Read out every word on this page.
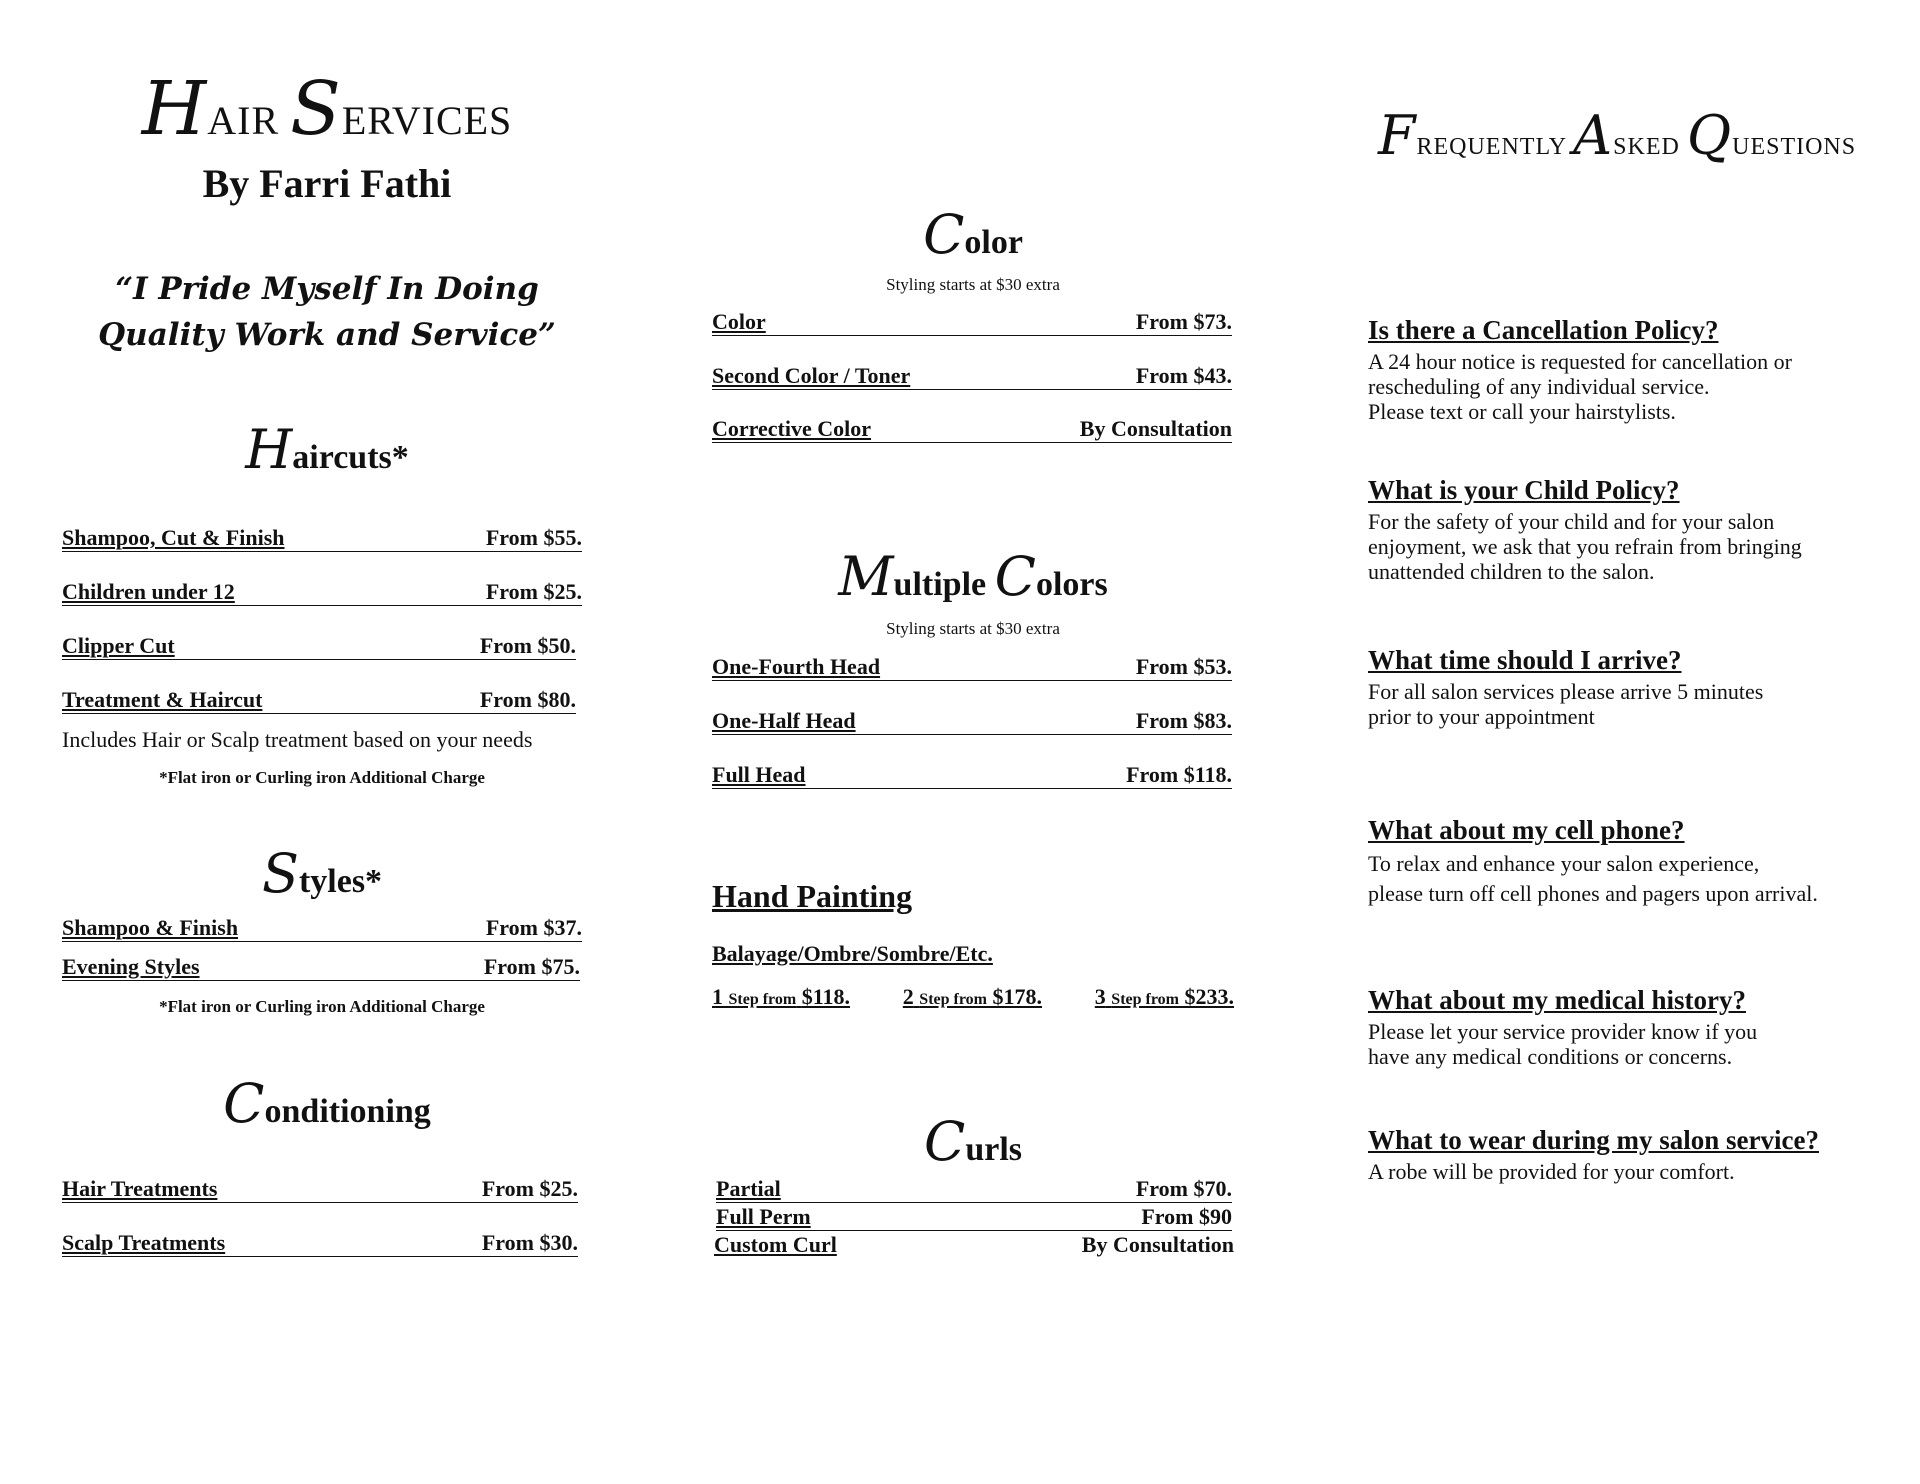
HAIR SERVICES
By Farri Fathi
“I Pride Myself In Doing
Quality Work and Service”
Haircuts*
Shampoo, Cut & Finish	From $55.
Children under 12	From $25.
Clipper Cut	From $50.
Treatment & Haircut	From $80.
Includes Hair or Scalp treatment based on your needs
*Flat iron or Curling iron Additional Charge
Styles*
Shampoo & Finish	From $37.
Evening Styles	From $75.
*Flat iron or Curling iron Additional Charge
Conditioning
Hair Treatments	From $25.
Scalp Treatments	From $30.
Color
Styling starts at $30 extra
Color	From $73.
Second Color / Toner	From $43.
Corrective Color	By Consultation
Multiple Colors
Styling starts at $30 extra
One-Fourth Head	From $53.
One-Half Head	From $83.
Full Head	From $118.
Hand Painting
Balayage/Ombre/Sombre/Etc.
1 Step from $118. 2 Step from $178. 3 Step from $233.
Curls
Partial	From $70.
Full Perm	From $90
Custom Curl	By Consultation
FREQUENTLY ASKED QUESTIONS
Is there a Cancellation Policy?
A 24 hour notice is requested for cancellation or
rescheduling of any individual service.
Please text or call your hairstylists.
What is your Child Policy?
For the safety of your child and for your salon
enjoyment, we ask that you refrain from bringing
unattended children to the salon.
What time should I arrive?
For all salon services please arrive 5 minutes
prior to your appointment
What about my cell phone?
To relax and enhance your salon experience,
please turn off cell phones and pagers upon arrival.
What about my medical history?
Please let your service provider know if you
have any medical conditions or concerns.
What to wear during my salon service?
A robe will be provided for your comfort.
